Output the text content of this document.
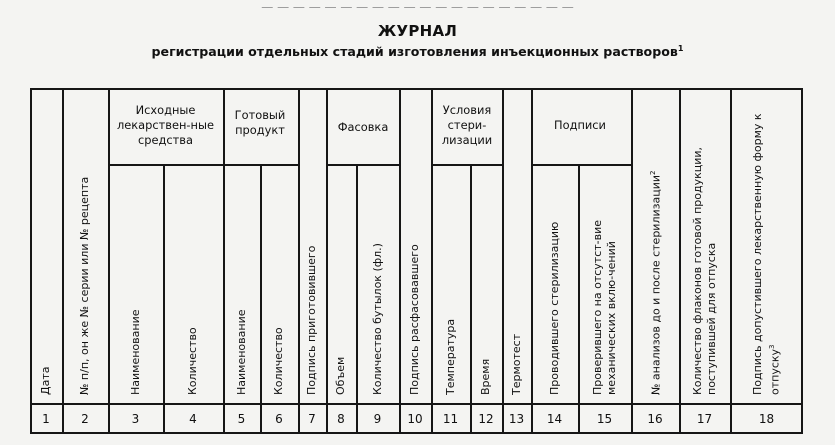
— — — — — — — — — — — — — — — — — — — —
ЖУРНАЛ
регистрации отдельных стадий изготовления инъекционных растворов$^1$
Исходные лекарствен-ные средства
Готовый продукт	Фасовка
Условия стери-лизации
Подписи
1
Дата
2
№ п/п, он же № серии или № рецепта
3
Наименование
4
Количество
5
Наименование
6
Количество
7
Подпись приготовившего
8
Объем
9
Количество бутылок (фл.)
10
Подпись расфасовавшего
11
Температура
12
Время
13
Термотест
14
Проводившего стерилизацию
15
Проверившего на отсутст-вие механических вклю-чений
16
№ анализов до и после стерилизации$^2$
17
Количество флаконов готовой продукции, поступившей для отпуска
18
Подпись допустившего лекарственную форму к отпуску$^3$
